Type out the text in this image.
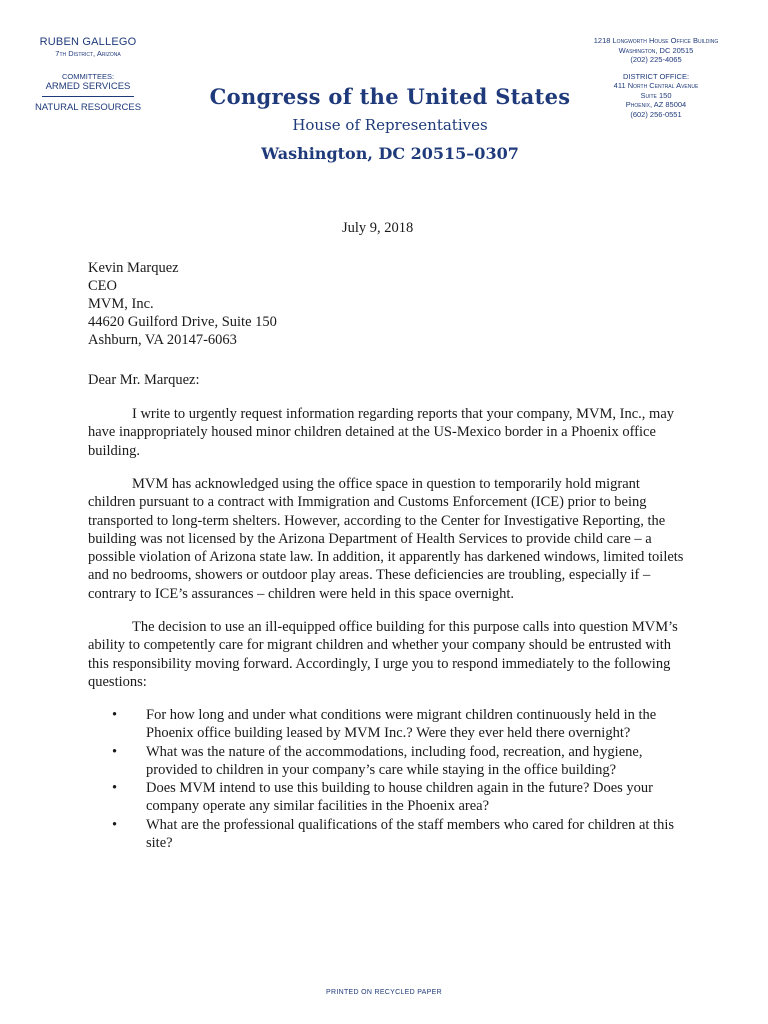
RUBEN GALLEGO
7th District, Arizona
COMMITTEES:
ARMED SERVICES
NATURAL RESOURCES	Congress of the United States
House of Representatives
Washington, DC 20515–0307
1218 Longworth House Office Building
Washington, DC 20515
(202) 225-4065
DISTRICT OFFICE:
411 North Central Avenue
Suite 150
Phoenix, AZ 85004
(602) 256-0551
July 9, 2018
Kevin Marquez
CEO
MVM, Inc.
44620 Guilford Drive, Suite 150
Ashburn, VA 20147-6063
Dear Mr. Marquez:

I write to urgently request information regarding reports that your company, MVM, Inc., may have inappropriately housed minor children detained at the US-Mexico border in a Phoenix office building.

MVM has acknowledged using the office space in question to temporarily hold migrant children pursuant to a contract with Immigration and Customs Enforcement (ICE) prior to being transported to long-term shelters. However, according to the Center for Investigative Reporting, the building was not licensed by the Arizona Department of Health Services to provide child care – a possible violation of Arizona state law. In addition, it apparently has darkened windows, limited toilets and no bedrooms, showers or outdoor play areas. These deficiencies are troubling, especially if – contrary to ICE’s assurances – children were held in this space overnight.

The decision to use an ill-equipped office building for this purpose calls into question MVM’s ability to competently care for migrant children and whether your company should be entrusted with this responsibility moving forward. Accordingly, I urge you to respond immediately to the following questions:

• For how long and under what conditions were migrant children continuously held in the Phoenix office building leased by MVM Inc.? Were they ever held there overnight?
• What was the nature of the accommodations, including food, recreation, and hygiene, provided to children in your company’s care while staying in the office building?
• Does MVM intend to use this building to house children again in the future? Does your company operate any similar facilities in the Phoenix area?
• What are the professional qualifications of the staff members who cared for children at this site?
PRINTED ON RECYCLED PAPER
